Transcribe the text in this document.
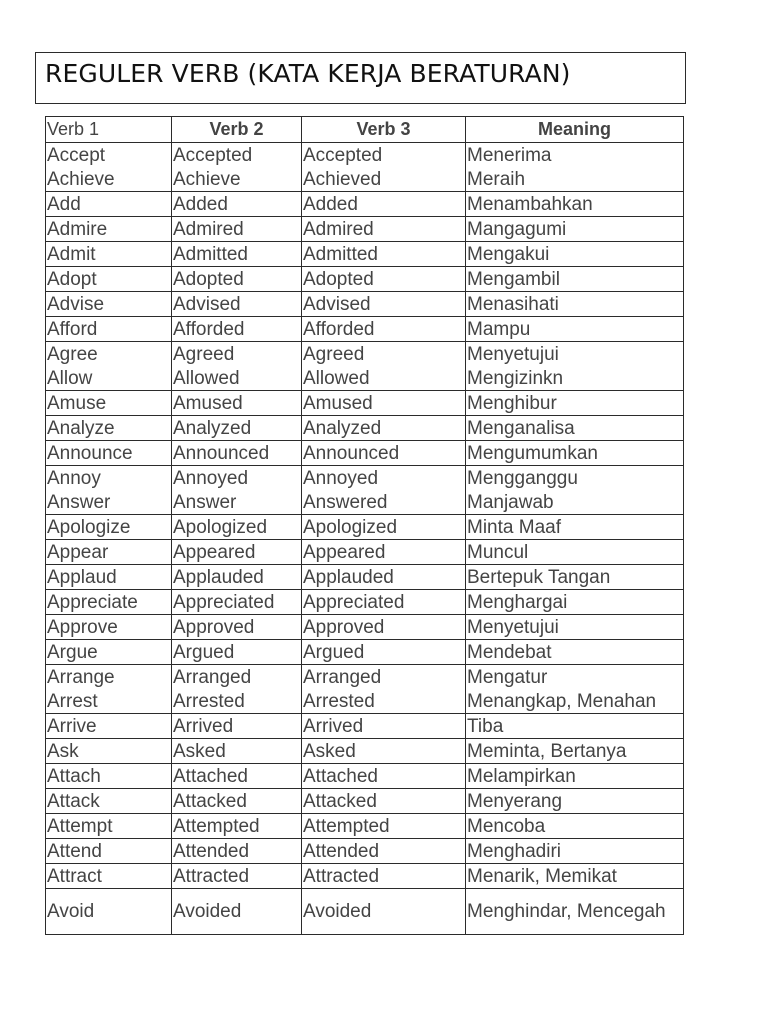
REGULER VERB (KATA KERJA BERATURAN)
Verb 1	Verb 2	Verb 3	Meaning
Accept	Accepted	Accepted	Menerima
Achieve	Achieve	Achieved	Meraih
Add	Added	Added	Menambahkan
Admire	Admired	Admired	Mangagumi
Admit	Admitted	Admitted	Mengakui
Adopt	Adopted	Adopted	Mengambil
Advise	Advised	Advised	Menasihati
Afford	Afforded	Afforded	Mampu
Agree	Agreed	Agreed	Menyetujui
Allow	Allowed	Allowed	Mengizinkn
Amuse	Amused	Amused	Menghibur
Analyze	Analyzed	Analyzed	Menganalisa
Announce	Announced	Announced	Mengumumkan
Annoy	Annoyed	Annoyed	Mengganggu
Answer	Answer	Answered	Manjawab
Apologize	Apologized	Apologized	Minta Maaf
Appear	Appeared	Appeared	Muncul
Applaud	Applauded	Applauded	Bertepuk Tangan
Appreciate	Appreciated	Appreciated	Menghargai
Approve	Approved	Approved	Menyetujui
Argue	Argued	Argued	Mendebat
Arrange	Arranged	Arranged	Mengatur
Arrest	Arrested	Arrested	Menangkap, Menahan
Arrive	Arrived	Arrived	Tiba
Ask	Asked	Asked	Meminta, Bertanya
Attach	Attached	Attached	Melampirkan
Attack	Attacked	Attacked	Menyerang
Attempt	Attempted	Attempted	Mencoba
Attend	Attended	Attended	Menghadiri
Attract	Attracted	Attracted	Menarik, Memikat
Avoid	Avoided	Avoided	Menghindar, Mencegah
